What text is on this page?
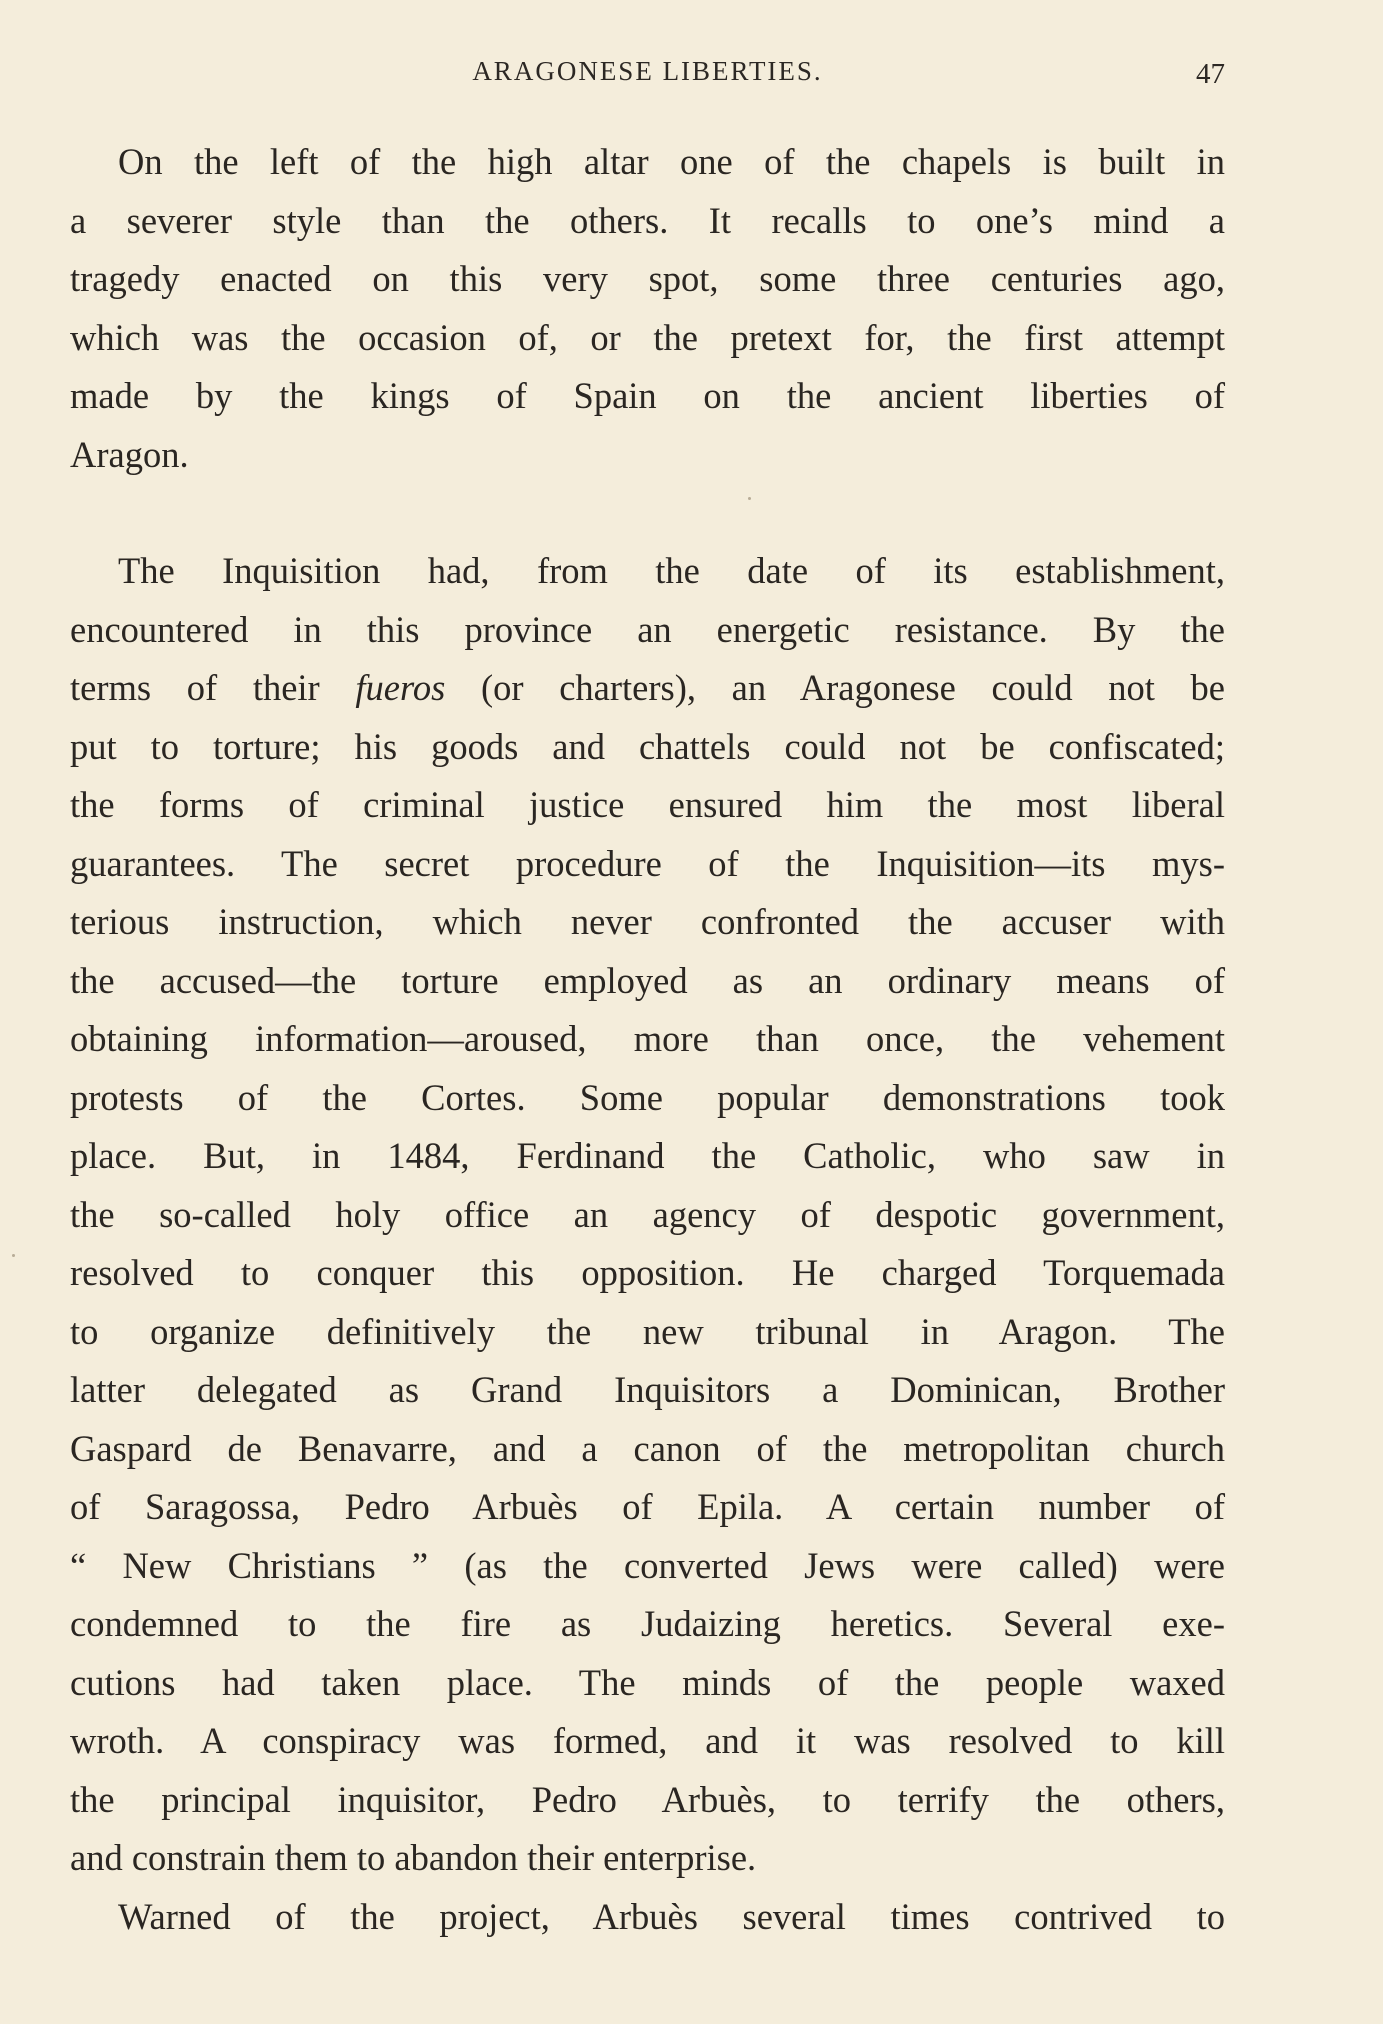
ARAGONESE LIBERTIES.	47

On the left of the high altar one of the chapels is built in
a severer style than the others. It recalls to one’s mind a
tragedy enacted on this very spot, some three centuries ago,
which was the occasion of, or the pretext for, the first attempt
made by the kings of Spain on the ancient liberties of
Aragon.

The Inquisition had, from the date of its establishment,
encountered in this province an energetic resistance. By the
terms of their fueros (or charters), an Aragonese could not be
put to torture; his goods and chattels could not be confiscated;
the forms of criminal justice ensured him the most liberal
guarantees. The secret procedure of the Inquisition—its mys-
terious instruction, which never confronted the accuser with
the accused—the torture employed as an ordinary means of
obtaining information—aroused, more than once, the vehement
protests of the Cortes. Some popular demonstrations took
place. But, in 1484, Ferdinand the Catholic, who saw in
the so-called holy office an agency of despotic government,
resolved to conquer this opposition. He charged Torquemada
to organize definitively the new tribunal in Aragon. The
latter delegated as Grand Inquisitors a Dominican, Brother
Gaspard de Benavarre, and a canon of the metropolitan church
of Saragossa, Pedro Arbuès of Epila. A certain number of
“ New Christians ” (as the converted Jews were called) were
condemned to the fire as Judaizing heretics. Several exe-
cutions had taken place. The minds of the people waxed
wroth. A conspiracy was formed, and it was resolved to kill
the principal inquisitor, Pedro Arbuès, to terrify the others,
and constrain them to abandon their enterprise.

Warned of the project, Arbuès several times contrived to
